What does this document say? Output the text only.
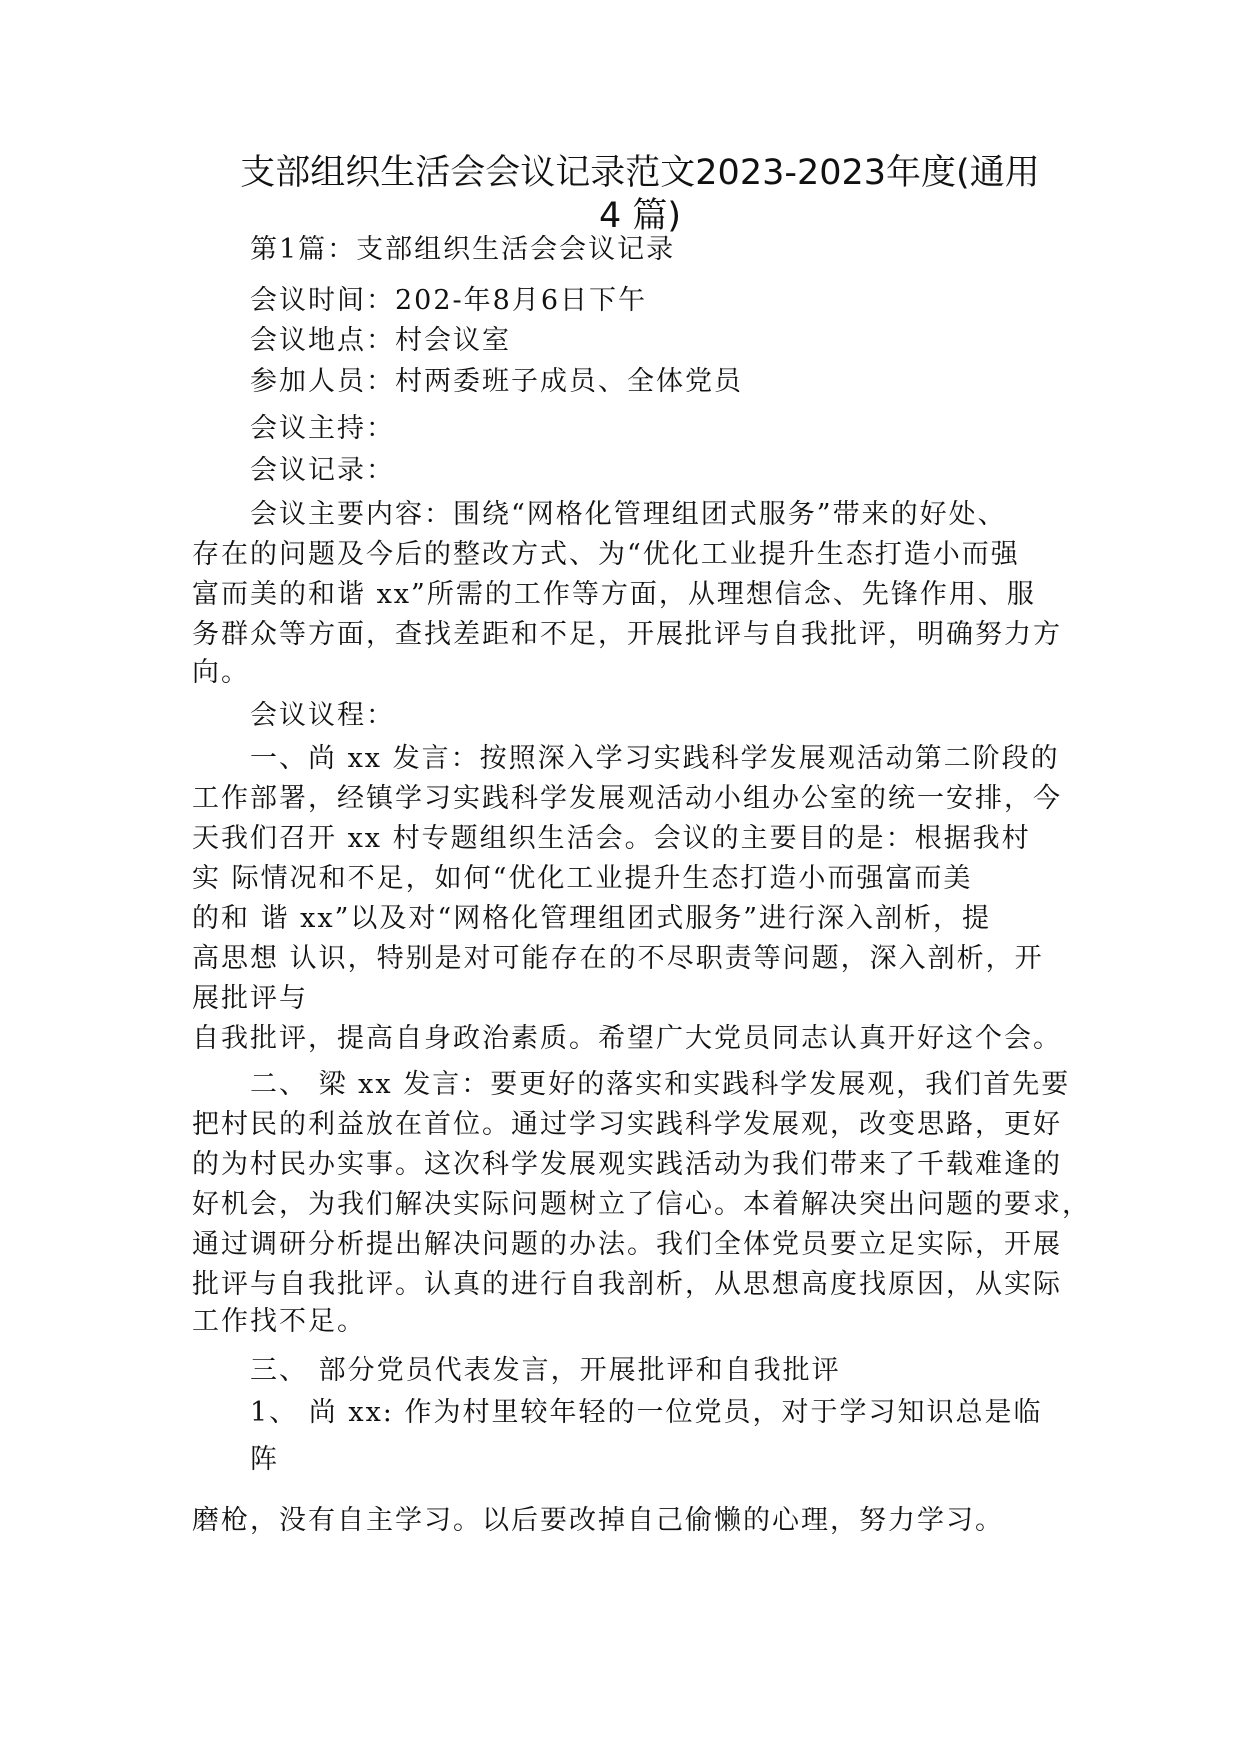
支部组织生活会会议记录范文2023-2023年度(通用
4 篇)
第1篇：支部组织生活会会议记录
会议时间：202-年8月6日下午
会议地点：村会议室
参加人员：村两委班子成员、全体党员
会议主持：
会议记录：
会议主要内容：围绕“网格化管理组团式服务”带来的好处、
存在的问题及今后的整改方式、为“优化工业提升生态打造小而强
富而美的和谐 xx”所需的工作等方面，从理想信念、先锋作用、服
务群众等方面，查找差距和不足，开展批评与自我批评，明确努力方
向。
会议议程：
一、尚 xx 发言：按照深入学习实践科学发展观活动第二阶段的
工作部署，经镇学习实践科学发展观活动小组办公室的统一安排，今
天我们召开 xx 村专题组织生活会。会议的主要目的是：根据我村
实 际情况和不足，如何“优化工业提升生态打造小而强富而美
的和 谐 xx”以及对“网格化管理组团式服务”进行深入剖析，提
高思想 认识，特别是对可能存在的不尽职责等问题，深入剖析，开
展批评与
自我批评，提高自身政治素质。希望广大党员同志认真开好这个会。
二、 梁 xx 发言：要更好的落实和实践科学发展观，我们首先要
把村民的利益放在首位。通过学习实践科学发展观，改变思路，更好
的为村民办实事。这次科学发展观实践活动为我们带来了千载难逢的
好机会，为我们解决实际问题树立了信心。本着解决突出问题的要求，
通过调研分析提出解决问题的办法。我们全体党员要立足实际，开展
批评与自我批评。认真的进行自我剖析，从思想高度找原因，从实际
工作找不足。
三、 部分党员代表发言，开展批评和自我批评
1、 尚 xx: 作为村里较年轻的一位党员，对于学习知识总是临
阵
磨枪，没有自主学习。以后要改掉自己偷懒的心理，努力学习。
